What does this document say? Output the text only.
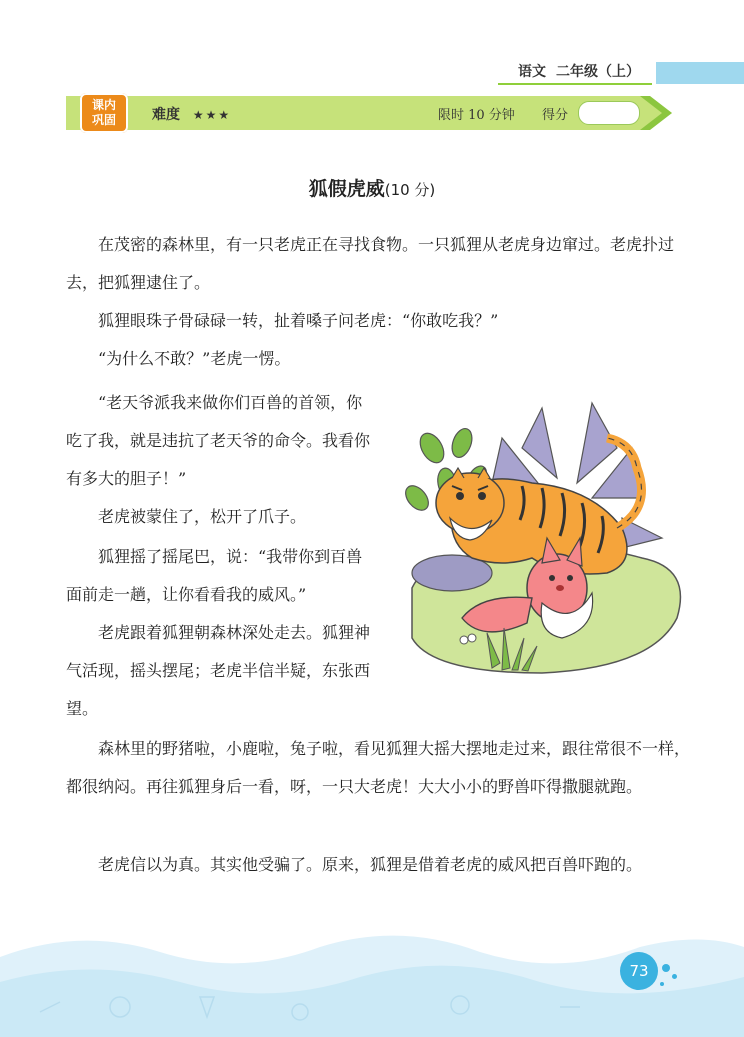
语文 二年级（上）
课内
巩固	难度 ★★★	限时 10 分钟 得分
狐假虎威(10 分)

在茂密的森林里，有一只老虎正在寻找食物。一只狐狸从老虎身边窜过。老虎扑过去，把狐狸逮住了。

狐狸眼珠子骨碌碌一转，扯着嗓子问老虎：“你敢吃我？”

“为什么不敢？”老虎一愣。

“老天爷派我来做你们百兽的首领，你吃了我，就是违抗了老天爷的命令。我看你有多大的胆子！”

老虎被蒙住了，松开了爪子。

狐狸摇了摇尾巴，说：“我带你到百兽面前走一趟，让你看看我的威风。”

老虎跟着狐狸朝森林深处走去。狐狸神气活现，摇头摆尾；老虎半信半疑，东张西望。

森林里的野猪啦，小鹿啦，兔子啦，看见狐狸大摇大摆地走过来，跟往常很不一样，都很纳闷。再往狐狸身后一看，呀，一只大老虎！大大小小的野兽吓得撒腿就跑。

老虎信以为真。其实他受骗了。原来，狐狸是借着老虎的威风把百兽吓跑的。

73
